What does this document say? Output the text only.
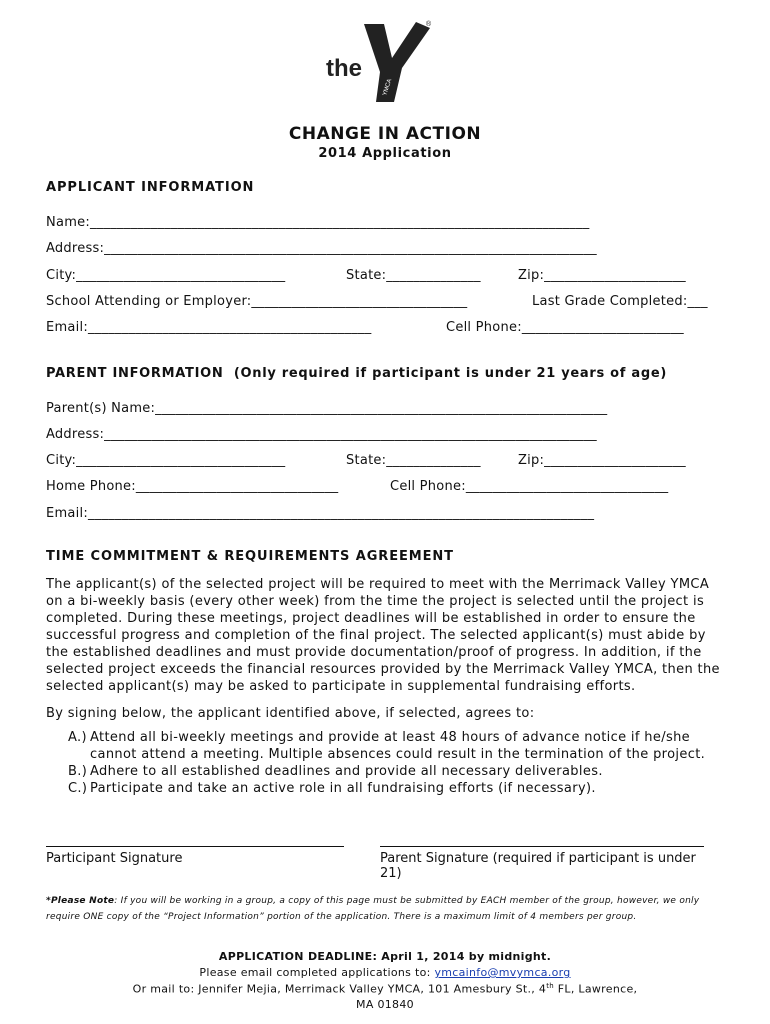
the
YMCA
®
CHANGE IN ACTION
2014 Application
APPLICANT INFORMATION
Name:__________________________________________________________________________
Address:_________________________________________________________________________
City:_______________________________	State:______________	Zip:_____________________
School Attending or Employer:________________________________	Last Grade Completed:___
Email:__________________________________________	Cell Phone:________________________
PARENT INFORMATION  (Only required if participant is under 21 years of age)
Parent(s) Name:___________________________________________________________________
Address:_________________________________________________________________________
City:_______________________________	State:______________	Zip:_____________________
Home Phone:______________________________	Cell Phone:______________________________
Email:___________________________________________________________________________
TIME COMMITMENT & REQUIREMENTS AGREEMENT
The applicant(s) of the selected project will be required to meet with the Merrimack Valley YMCA on a bi-weekly basis (every other week) from the time the project is selected until the project is completed. During these meetings, project deadlines will be established in order to ensure the successful progress and completion of the final project. The selected applicant(s) must abide by the established deadlines and must provide documentation/proof of progress. In addition, if the selected project exceeds the financial resources provided by the Merrimack Valley YMCA, then the selected applicant(s) may be asked to participate in supplemental fundraising efforts.
By signing below, the applicant identified above, if selected, agrees to:
A.) Attend all bi-weekly meetings and provide at least 48 hours of advance notice if he/she cannot attend a meeting. Multiple absences could result in the termination of the project.
B.) Adhere to all established deadlines and provide all necessary deliverables.
C.) Participate and take an active role in all fundraising efforts (if necessary).
Participant Signature	Parent Signature (required if participant is under 21)
*Please Note: If you will be working in a group, a copy of this page must be submitted by EACH member of the group, however, we only require ONE copy of the “Project Information” portion of the application. There is a maximum limit of 4 members per group.
APPLICATION DEADLINE: April 1, 2014 by midnight.
Please email completed applications to: ymcainfo@mvymca.org
Or mail to: Jennifer Mejia, Merrimack Valley YMCA, 101 Amesbury St., 4th FL, Lawrence,
MA 01840
